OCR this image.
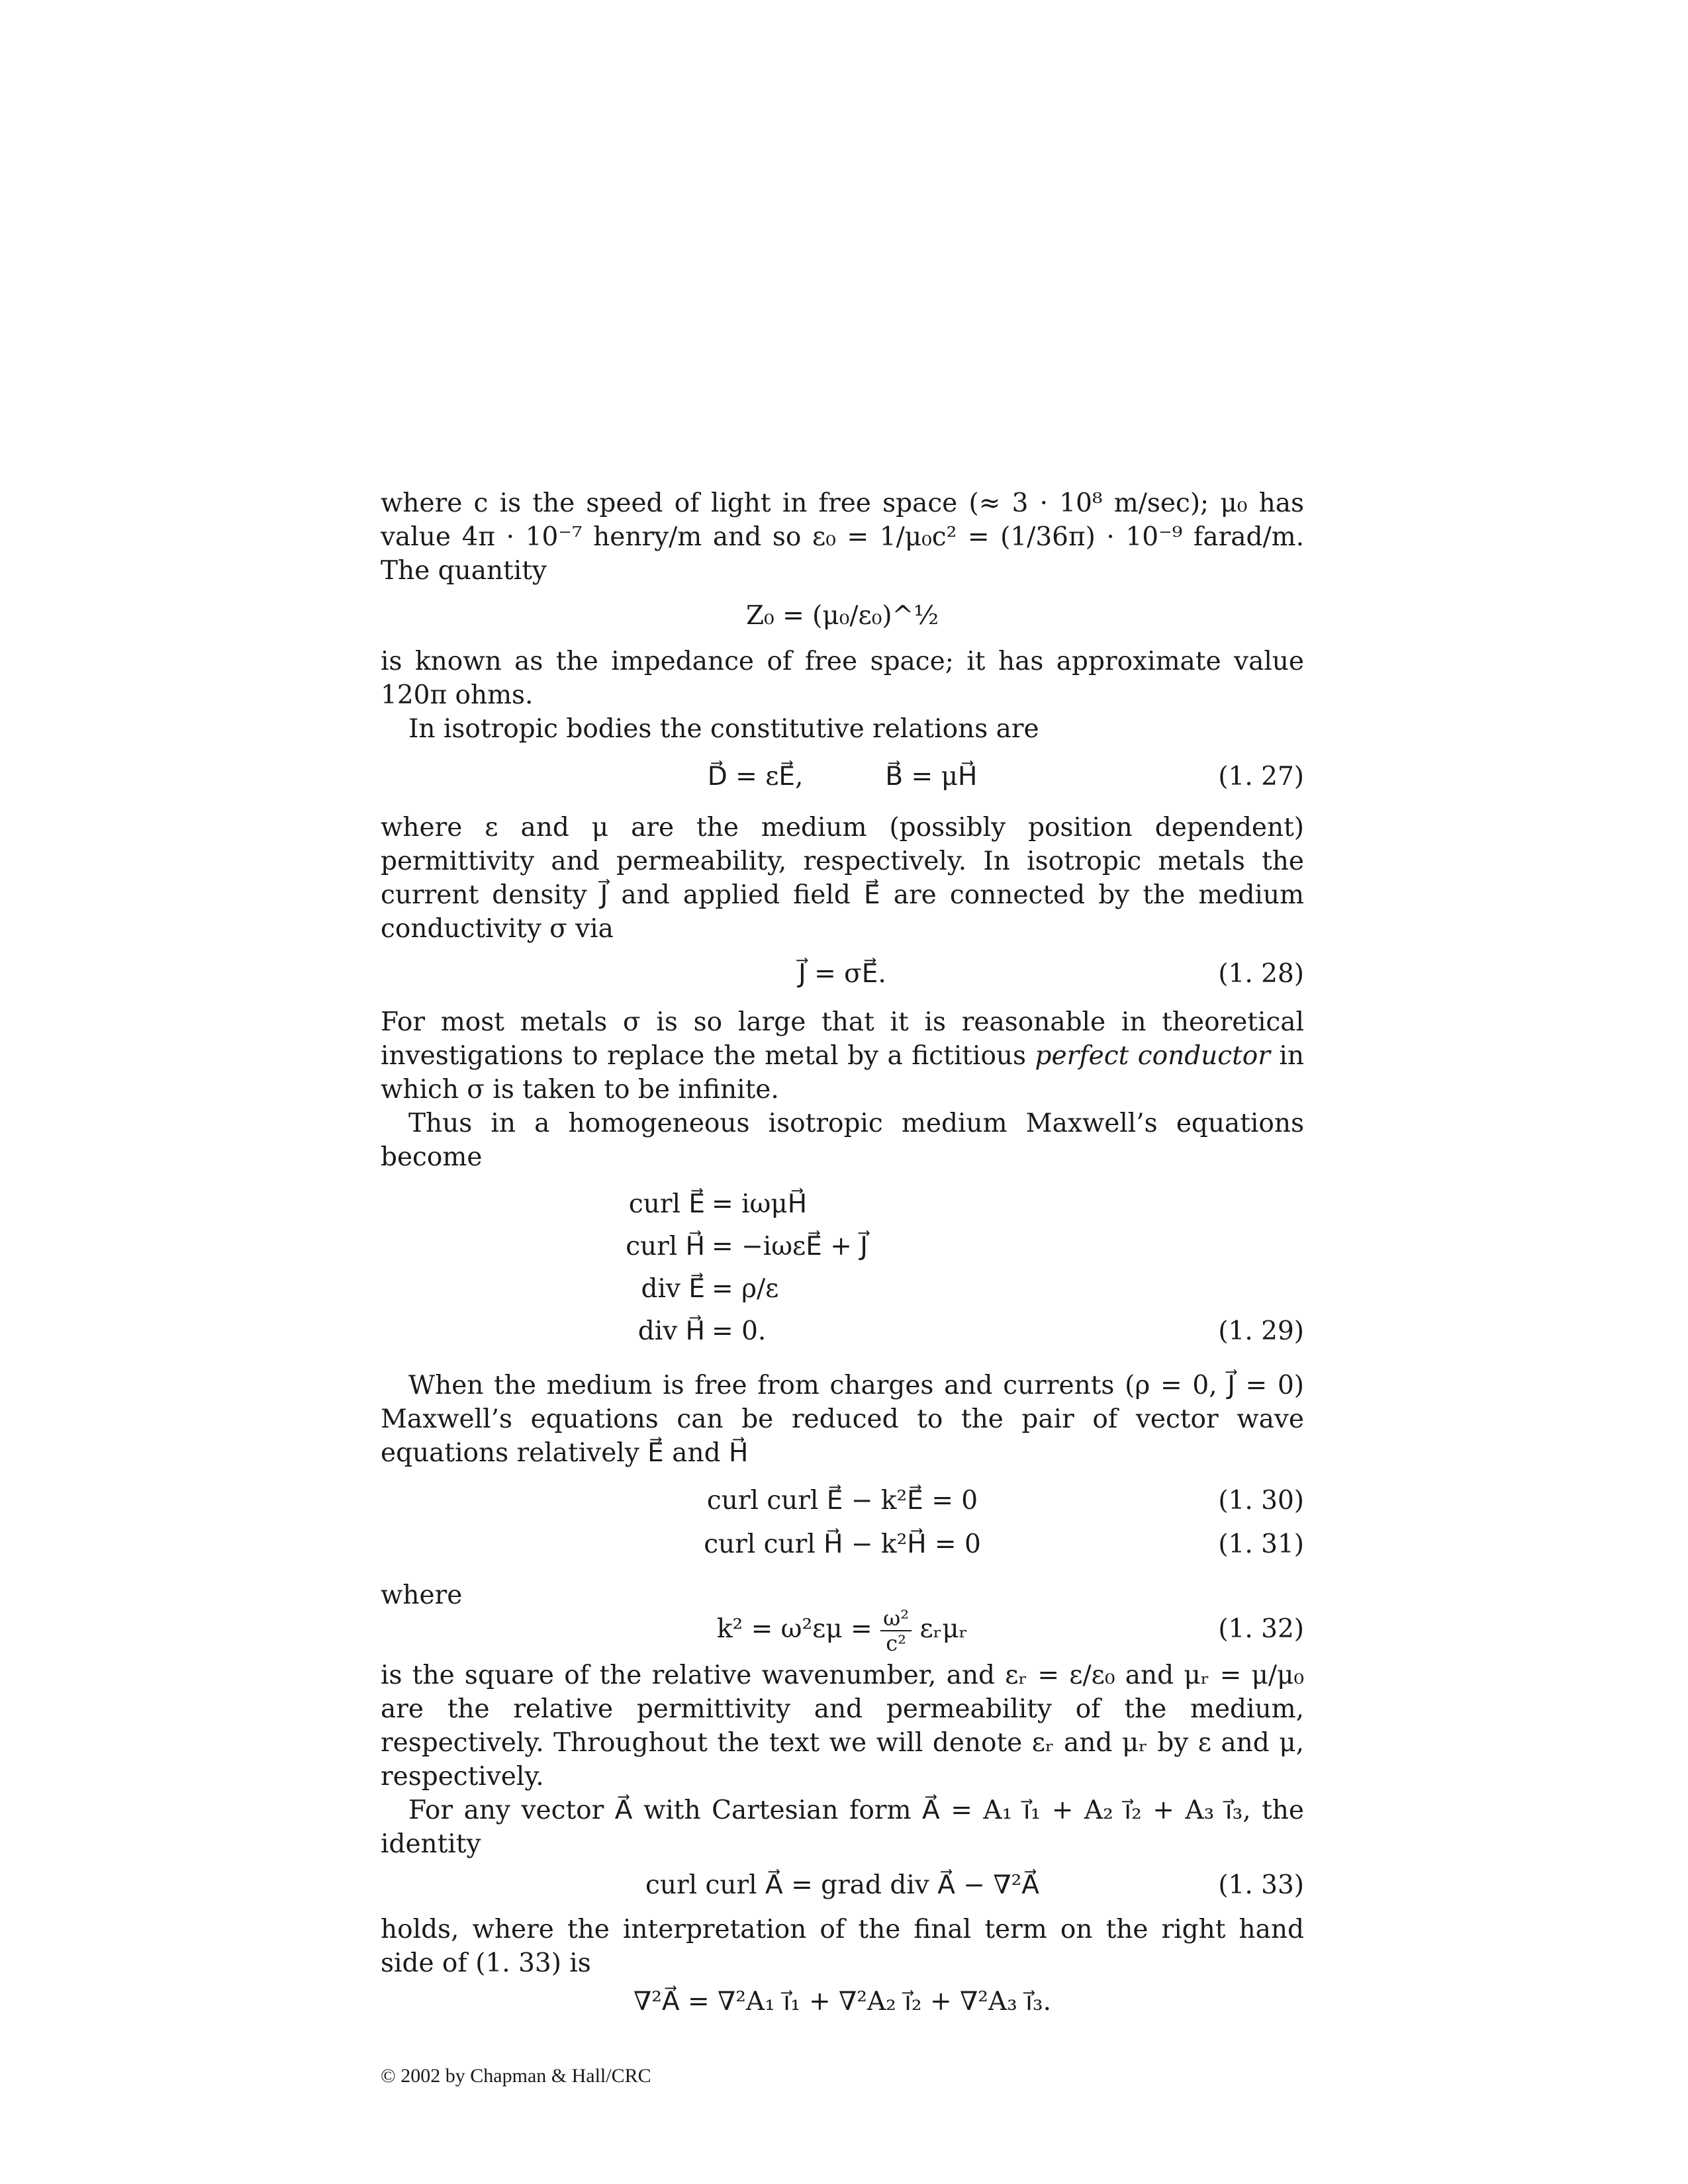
where c is the speed of light in free space (≈ 3 · 10⁸ m/sec); μ₀ has value 4π · 10⁻⁷ henry/m and so ε₀ = 1/μ₀c² = (1/36π) · 10⁻⁹ farad/m. The quantity

Z₀ = (μ₀/ε₀)^½

is known as the impedance of free space; it has approximate value 120π ohms.

In isotropic bodies the constitutive relations are

D⃗ = εE⃗,          B⃗ = μH⃗	(1. 27)

where ε and μ are the medium (possibly position dependent) permittivity and permeability, respectively. In isotropic metals the current density J⃗ and applied field E⃗ are connected by the medium conductivity σ via

J⃗ = σE⃗.	(1. 28)

For most metals σ is so large that it is reasonable in theoretical investigations to replace the metal by a fictitious perfect conductor in which σ is taken to be infinite.

Thus in a homogeneous isotropic medium Maxwell’s equations become

curl E⃗ = iωμH⃗
curl H⃗ = −iωεE⃗ + J⃗
div E⃗ = ρ/ε
div H⃗ = 0.	(1. 29)

When the medium is free from charges and currents (ρ = 0, J⃗ = 0) Maxwell’s equations can be reduced to the pair of vector wave equations relatively E⃗ and H⃗

curl curl E⃗ − k²E⃗ = 0	(1. 30)
curl curl H⃗ − k²H⃗ = 0	(1. 31)

where

$k^2 = \omega^2\varepsilon\mu = \frac{\text{ω²}}{\text{c²}}$ εᵣμᵣ	(1. 32)

is the square of the relative wavenumber, and εᵣ = ε/ε₀ and μᵣ = μ/μ₀ are the relative permittivity and permeability of the medium, respectively. Throughout the text we will denote εᵣ and μᵣ by ε and μ, respectively.

For any vector A⃗ with Cartesian form A⃗ = A₁ i⃗₁ + A₂ i⃗₂ + A₃ i⃗₃, the identity

curl curl A⃗ = grad div A⃗ − ∇²A⃗	(1. 33)

holds, where the interpretation of the final term on the right hand side of (1. 33) is

∇²A⃗ = ∇²A₁ i⃗₁ + ∇²A₂ i⃗₂ + ∇²A₃ i⃗₃.
© 2002 by Chapman & Hall/CRC
